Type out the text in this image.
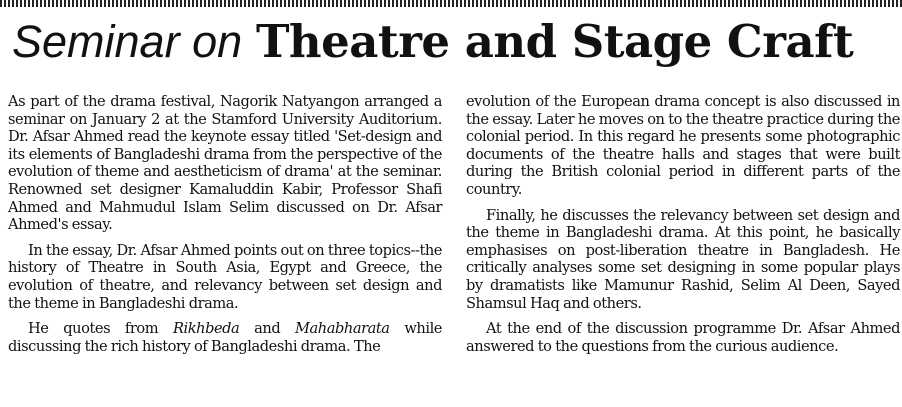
Seminar on Theatre and Stage Craft

As part of the drama festival, Nagorik Natyangon arranged a seminar on January 2 at the Stamford University Auditorium. Dr. Afsar Ahmed read the keynote essay titled 'Set-design and its elements of Bangladeshi drama from the perspective of the evolution of theme and aestheticism of drama' at the seminar. Renowned set designer Kamaluddin Kabir, Professor Shafi Ahmed and Mahmudul Islam Selim discussed on Dr. Afsar Ahmed's essay.

In the essay, Dr. Afsar Ahmed points out on three topics--the history of Theatre in South Asia, Egypt and Greece, the evolution of theatre, and relevancy between set design and the theme in Bangladeshi drama.

He quotes from Rikhbeda and Mahabharata while discussing the rich history of Bangladeshi drama. The

evolution of the European drama concept is also discussed in the essay. Later he moves on to the theatre practice during the colonial period. In this regard he presents some photographic documents of the theatre halls and stages that were built during the British colonial period in different parts of the country.

Finally, he discusses the relevancy between set design and the theme in Bangladeshi drama. At this point, he basically emphasises on post-liberation theatre in Bangladesh. He critically analyses some set designing in some popular plays by dramatists like Mamunur Rashid, Selim Al Deen, Sayed Shamsul Haq and others.

At the end of the discussion programme Dr. Afsar Ahmed answered to the questions from the curious audience.
